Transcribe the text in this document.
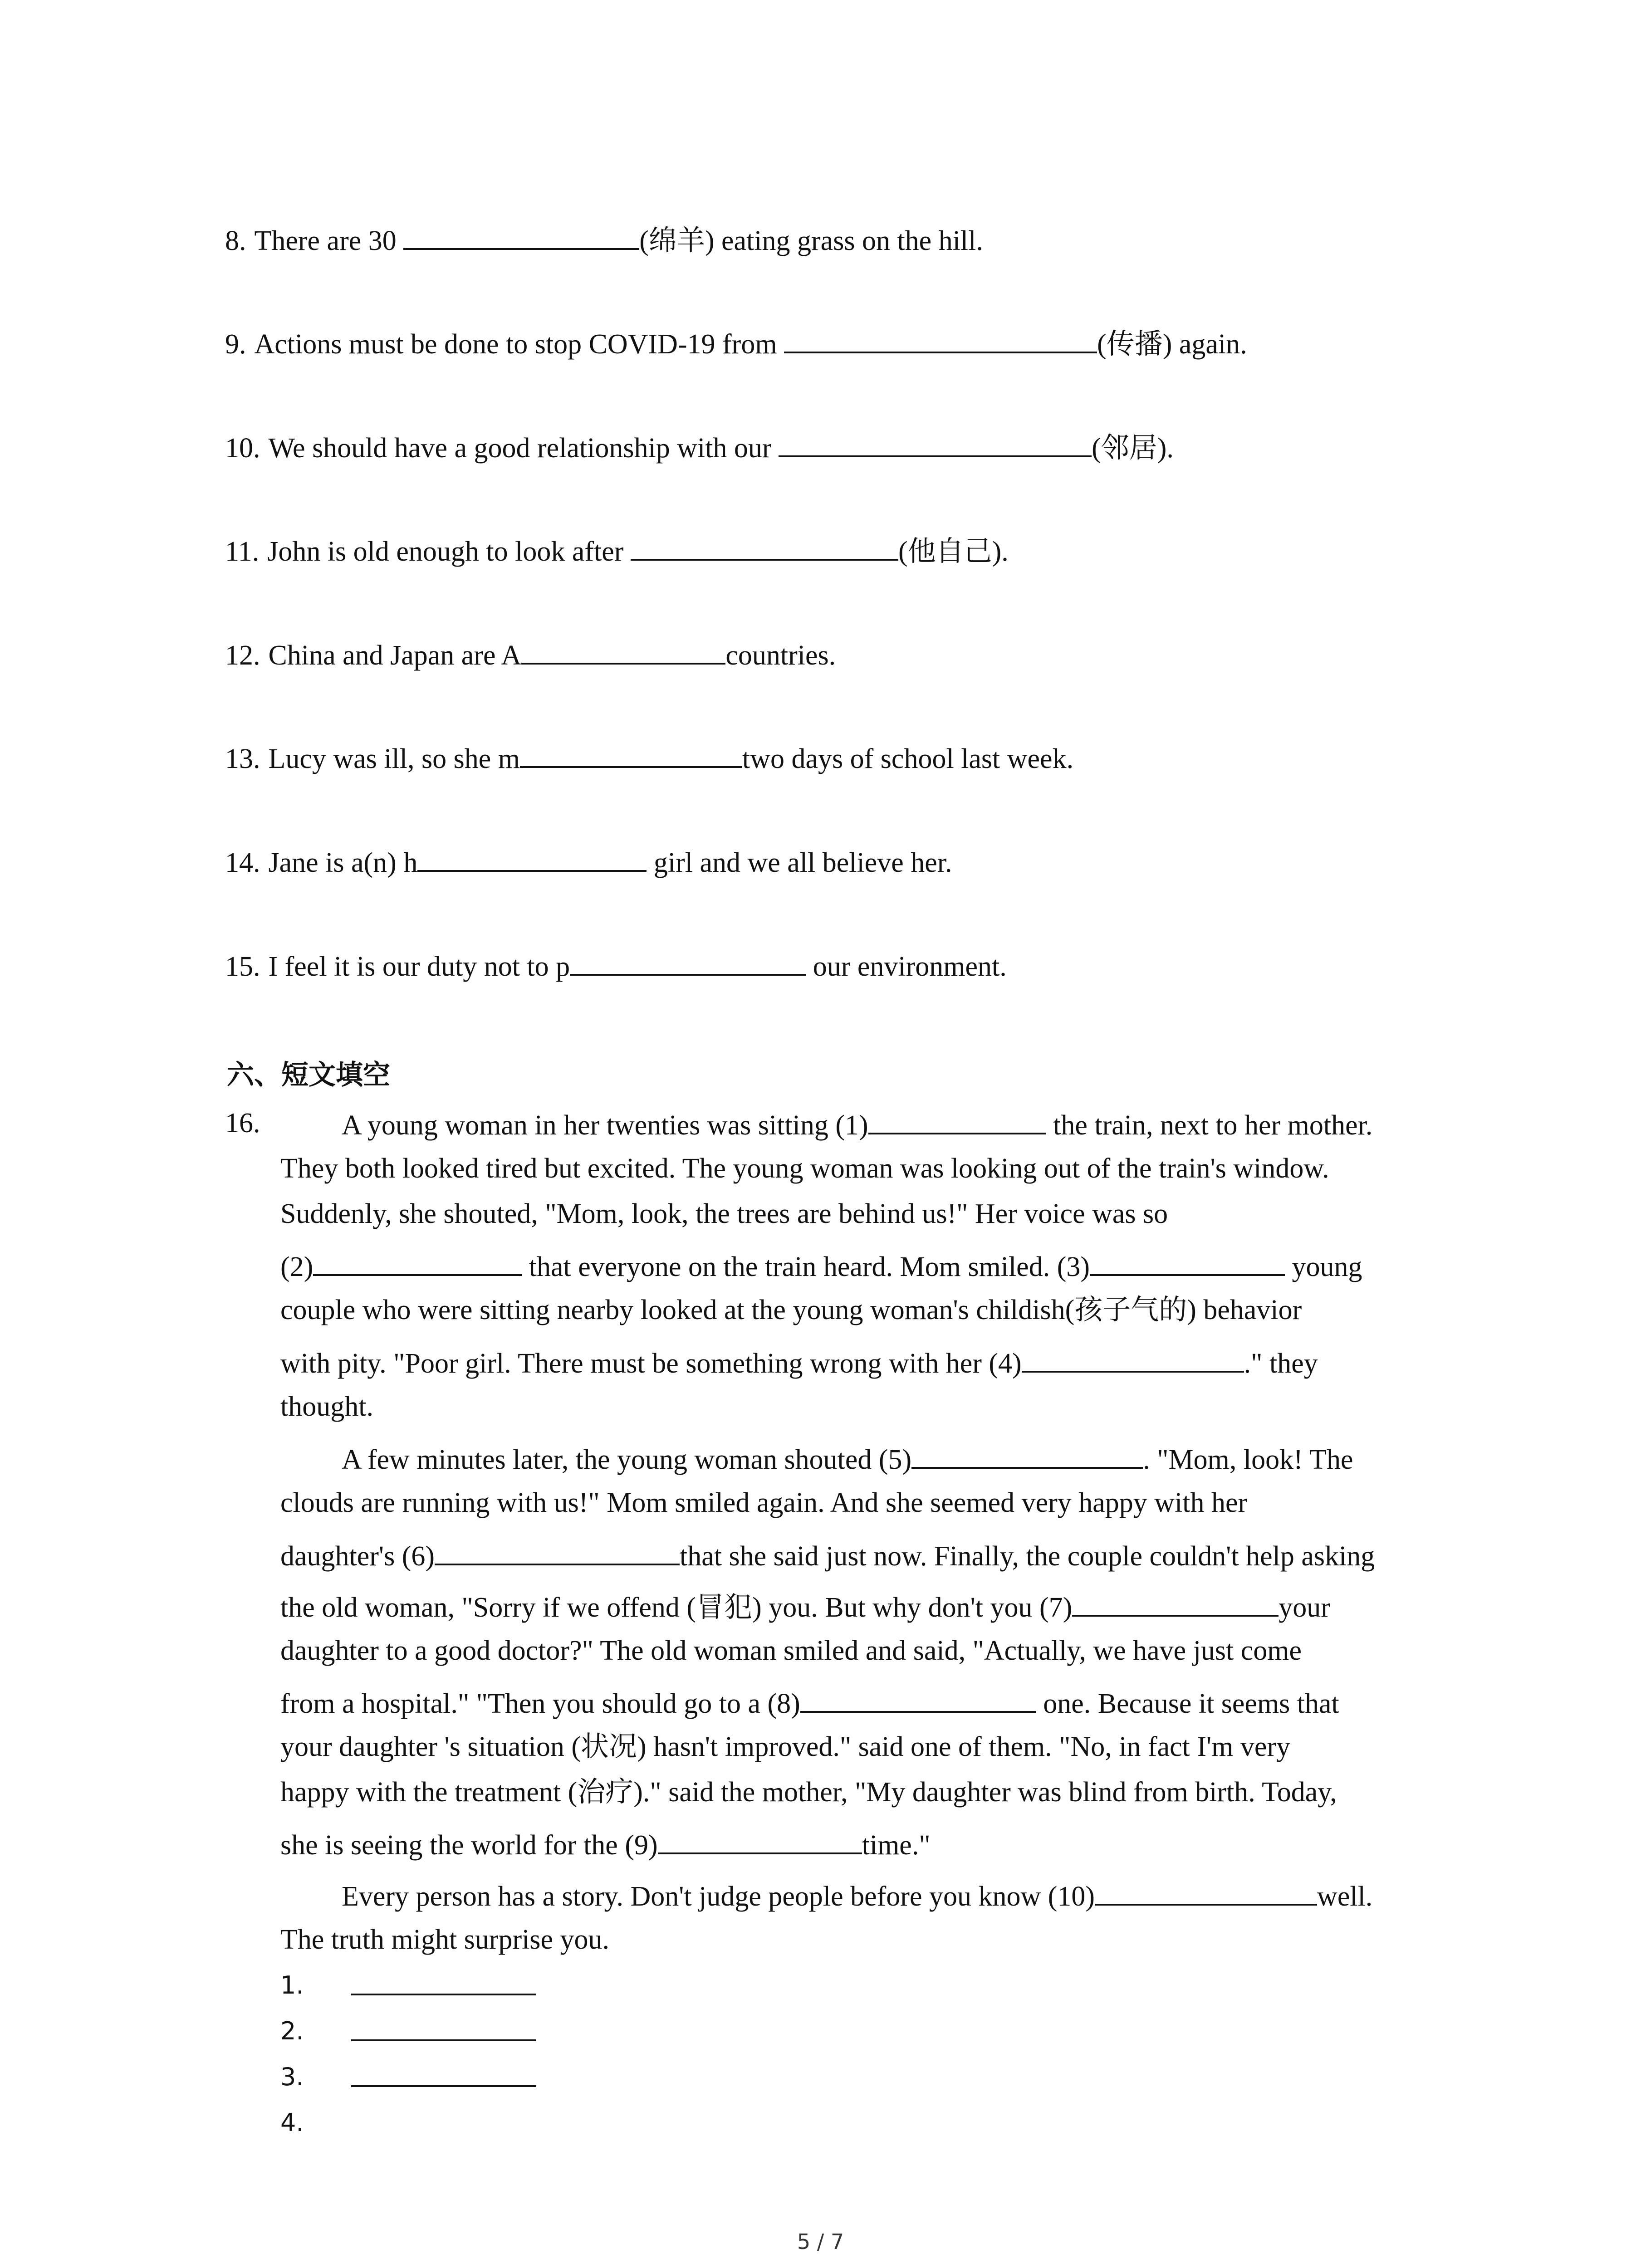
8. There are 30	(绵羊) eating grass on the hill.
9. Actions must be done to stop COVID-19 from	(传播) again.
10. We should have a good relationship with our	(邻居).
11. John is old enough to look after	(他自己).
12. China and Japan are A	countries.
13. Lucy was ill, so she m	two days of school last week.
14. Jane is a(n) h	girl and we all believe her.
15. I feel it is our duty not to p	our environment.
六、短文填空
16.	A young woman in her twenties was sitting (1)	the train, next to her mother.
They both looked tired but excited. The young woman was looking out of the train's window.
Suddenly, she shouted, "Mom, look, the trees are behind us!" Her voice was so
(2)	that everyone on the train heard. Mom smiled. (3)	young
couple who were sitting nearby looked at the young woman's childish(孩子气的) behavior
with pity. "Poor girl. There must be something wrong with her (4)	." they
thought.
A few minutes later, the young woman shouted (5)	. "Mom, look! The
clouds are running with us!" Mom smiled again. And she seemed very happy with her
daughter's (6)	that she said just now. Finally, the couple couldn't help asking
the old woman, "Sorry if we offend (冒犯) you. But why don't you (7)	your
daughter to a good doctor?" The old woman smiled and said, "Actually, we have just come
from a hospital." "Then you should go to a (8)	one. Because it seems that
your daughter 's situation (状况) hasn't improved." said one of them. "No, in fact I'm very
happy with the treatment (治疗)." said the mother, "My daughter was blind from birth. Today,
she is seeing the world for the (9)	time."
Every person has a story. Don't judge people before you know (10)	well.
The truth might surprise you.
1.
2.
3.
4.
5 / 7
